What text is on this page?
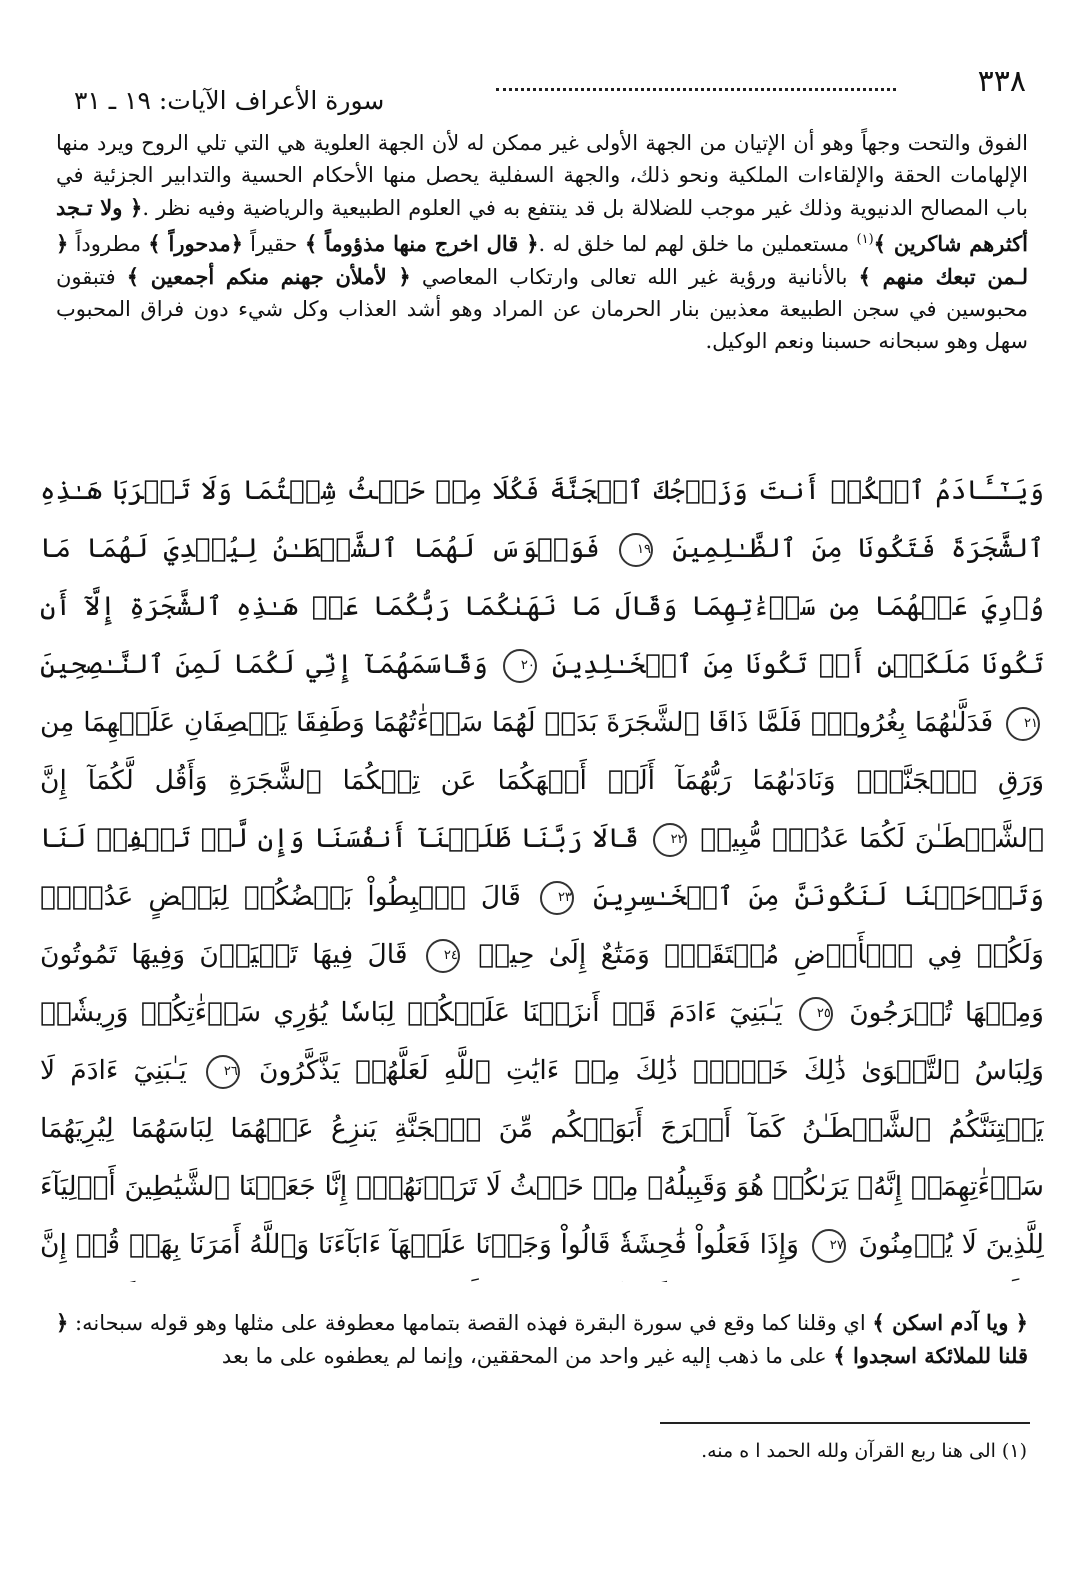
٣٣٨
سورة الأعراف الآيات: ١٩ ـ ٣١
الفوق والتحت وجهاً وهو أن الإتيان من الجهة الأولى غير ممكن له لأن الجهة العلوية هي التي تلي الروح ويرد منها الإلهامات الحقة والإلقاءات الملكية ونحو ذلك، والجهة السفلية يحصل منها الأحكام الحسية والتدابير الجزئية في باب المصالح الدنيوية وذلك غير موجب للضلالة بل قد ينتفع به في العلوم الطبيعية والرياضية وفيه نظر .﴿ ولا تـجد أكثرهم شاكرين ﴾$^{(١)}$ مستعملين ما خلق لهم لما خلق له .﴿ قال اخرج منها مذؤوماً ﴾ حقيراً ﴿مدحوراً ﴾ مطروداً ﴿ لـمن تبعك منهم ﴾ بالأنانية ورؤية غير الله تعالى وارتكاب المعاصي ﴿ لأملأن جهنم منكم أجمعين ﴾ فتبقون محبوسين في سجن الطبيعة معذبين بنار الحرمان عن المراد وهو أشد العذاب وكل شيء دون فراق المحبوب سهل وهو سبحانه حسبنا ونعم الوكيل.
وَيَـٰٓـَٔادَمُ ٱسۡكُنۡ أَنتَ وَزَوۡجُكَ ٱلۡجَنَّةَ فَكُلَا مِنۡ حَيۡثُ شِئۡتُمَا وَلَا تَقۡرَبَا هَـٰذِهِ ٱلشَّجَرَةَ فَتَكُونَا مِنَ ٱلظَّـٰلِمِينَ ١٩ فَوَسۡوَسَ لَهُمَا ٱلشَّيۡطَـٰنُ لِيُبۡدِيَ لَهُمَا مَا وُۥرِيَ عَنۡهُمَا مِن سَوۡءَٰتِهِمَا وَقَالَ مَا نَهَىٰكُمَا رَبُّكُمَا عَنۡ هَـٰذِهِ ٱلشَّجَرَةِ إِلَّآ أَن تَكُونَا مَلَكَيۡنِ أَوۡ تَكُونَا مِنَ ٱلۡخَـٰلِدِينَ ٢٠ وَقَاسَمَهُمَآ إِنِّي لَكُمَا لَمِنَ ٱلنَّـٰصِحِينَ ٢١ فَدَلَّىٰهُمَا بِغُرُورٖۚ فَلَمَّا ذَاقَا ٱلشَّجَرَةَ بَدَتۡ لَهُمَا سَوۡءَٰتُهُمَا وَطَفِقَا يَخۡصِفَانِ عَلَيۡهِمَا مِن وَرَقِ ٱلۡجَنَّةِۖ وَنَادَىٰهُمَا رَبُّهُمَآ أَلَمۡ أَنۡهَكُمَا عَن تِلۡكُمَا ٱلشَّجَرَةِ وَأَقُل لَّكُمَآ إِنَّ ٱلشَّيۡطَـٰنَ لَكُمَا عَدُوّٞ مُّبِينٞ ٢٢ قَالَا رَبَّنَا ظَلَمۡنَآ أَنفُسَنَا وَإِن لَّمۡ تَغۡفِرۡ لَنَا وَتَرۡحَمۡنَا لَنَكُونَنَّ مِنَ ٱلۡخَـٰسِرِينَ ٢٣ قَالَ ٱهۡبِطُواْ بَعۡضُكُمۡ لِبَعۡضٍ عَدُوّٞۖ وَلَكُمۡ فِي ٱلۡأَرۡضِ مُسۡتَقَرّٞ وَمَتَٰعٌ إِلَىٰ حِينٖ ٢٤ قَالَ فِيهَا تَحۡيَوۡنَ وَفِيهَا تَمُوتُونَ وَمِنۡهَا تُخۡرَجُونَ ٢٥ يَـٰبَنِيٓ ءَادَمَ قَدۡ أَنزَلۡنَا عَلَيۡكُمۡ لِبَاسٗا يُوَٰرِي سَوۡءَٰتِكُمۡ وَرِيشٗاۖ وَلِبَاسُ ٱلتَّقۡوَىٰ ذَٰلِكَ خَيۡرٞۚ ذَٰلِكَ مِنۡ ءَايَٰتِ ٱللَّهِ لَعَلَّهُمۡ يَذَّكَّرُونَ ٢٦ يَـٰبَنِيٓ ءَادَمَ لَا يَفۡتِنَنَّكُمُ ٱلشَّيۡطَـٰنُ كَمَآ أَخۡرَجَ أَبَوَيۡكُم مِّنَ ٱلۡجَنَّةِ يَنزِعُ عَنۡهُمَا لِبَاسَهُمَا لِيُرِيَهُمَا سَوۡءَٰتِهِمَآۚ إِنَّهُۥ يَرَىٰكُمۡ هُوَ وَقَبِيلُهُۥ مِنۡ حَيۡثُ لَا تَرَوۡنَهُمۡۚ إِنَّا جَعَلۡنَا ٱلشَّيَٰطِينَ أَوۡلِيَآءَ لِلَّذِينَ لَا يُؤۡمِنُونَ ٢٧ وَإِذَا فَعَلُواْ فَٰحِشَةٗ قَالُواْ وَجَدۡنَا عَلَيۡهَآ ءَابَآءَنَا وَٱللَّهُ أَمَرَنَا بِهَاۗ قُلۡ إِنَّ
﴿ ويا آدم اسكن ﴾ اي وقلنا كما وقع في سورة البقرة فهذه القصة بتمامها معطوفة على مثلها وهو قوله سبحانه: ﴿ قلنا للملائكة اسجدوا ﴾ على ما ذهب إليه غير واحد من المحققين، وإنما لم يعطفوه على ما بعد
(١) الى هنا ربع القرآن ولله الحمد ا ه منه.
